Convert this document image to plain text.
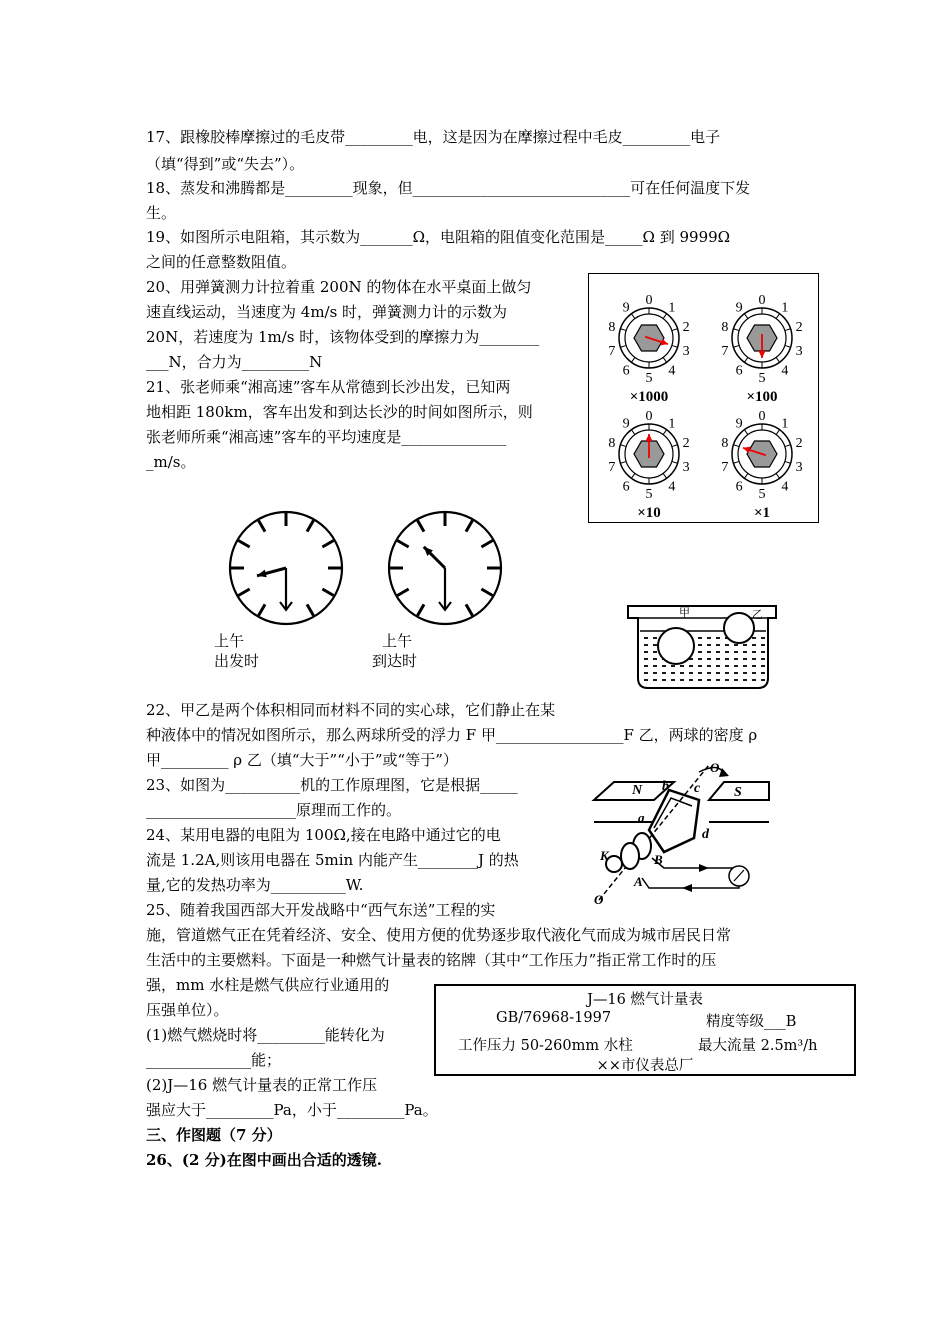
17、跟橡胶棒摩擦过的毛皮带_________电，这是因为在摩擦过程中毛皮_________电子
（填“得到”或“失去”）。
18、蒸发和沸腾都是_________现象，但_____________________________可在任何温度下发
生。
19、如图所示电阻箱，其示数为_______Ω，电阻箱的阻值变化范围是_____Ω 到 9999Ω
之间的任意整数阻值。
20、用弹簧测力计拉着重 200N 的物体在水平桌面上做匀
速直线运动，当速度为 4m/s 时，弹簧测力计的示数为
20N，若速度为 1m/s 时，该物体受到的摩擦力为________
___N，合力为_________N
21、张老师乘“湘高速”客车从常德到长沙出发，已知两
地相距 180km，客车出发和到达长沙的时间如图所示，则
张老师所乘“湘高速”客车的平均速度是______________
_m/s。
22、甲乙是两个体积相同而材料不同的实心球，它们静止在某
种液体中的情况如图所示，那么两球所受的浮力 F 甲_________________F 乙，两球的密度 ρ
甲_________ ρ 乙（填“大于”“小于”或“等于”）
23、如图为__________机的工作原理图，它是根据_____
____________________原理而工作的。
24、某用电器的电阻为 100Ω,接在电路中通过它的电
流是 1.2A,则该用电器在 5min 内能产生________J 的热
量,它的发热功率为__________W.
25、随着我国西部大开发战略中“西气东送”工程的实
施，管道燃气正在凭着经济、安全、使用方便的优势逐步取代液化气而成为城市居民日常
生活中的主要燃料。下面是一种燃气计量表的铭牌（其中“工作压力”指正常工作时的压
强，mm 水柱是燃气供应行业通用的
压强单位）。
(1)燃气燃烧时将_________能转化为
______________能；
(2)J—16 燃气计量表的正常工作压
强应大于_________Pa，小于_________Pa。
三、作图题（7 分）
26、(2 分)在图中画出合适的透镜.
0 1
2
3
4
5
6
7
8
9
×1000
0 1
2
3
4
5
6
7
8
9
×100
0 1
2
3
4
5
6
7
8
9
×10
0 1
2
3
4
5
6
7
8
9
×1
上午
出发时
上午
到达时
甲	乙
N	S
b c
a
d
B
A
K
O
O
J—16 燃气计量表
GB/76968-1997	精度等级___B
工作压力 50-260mm 水柱	最大流量 2.5m³/h
××市仪表总厂
